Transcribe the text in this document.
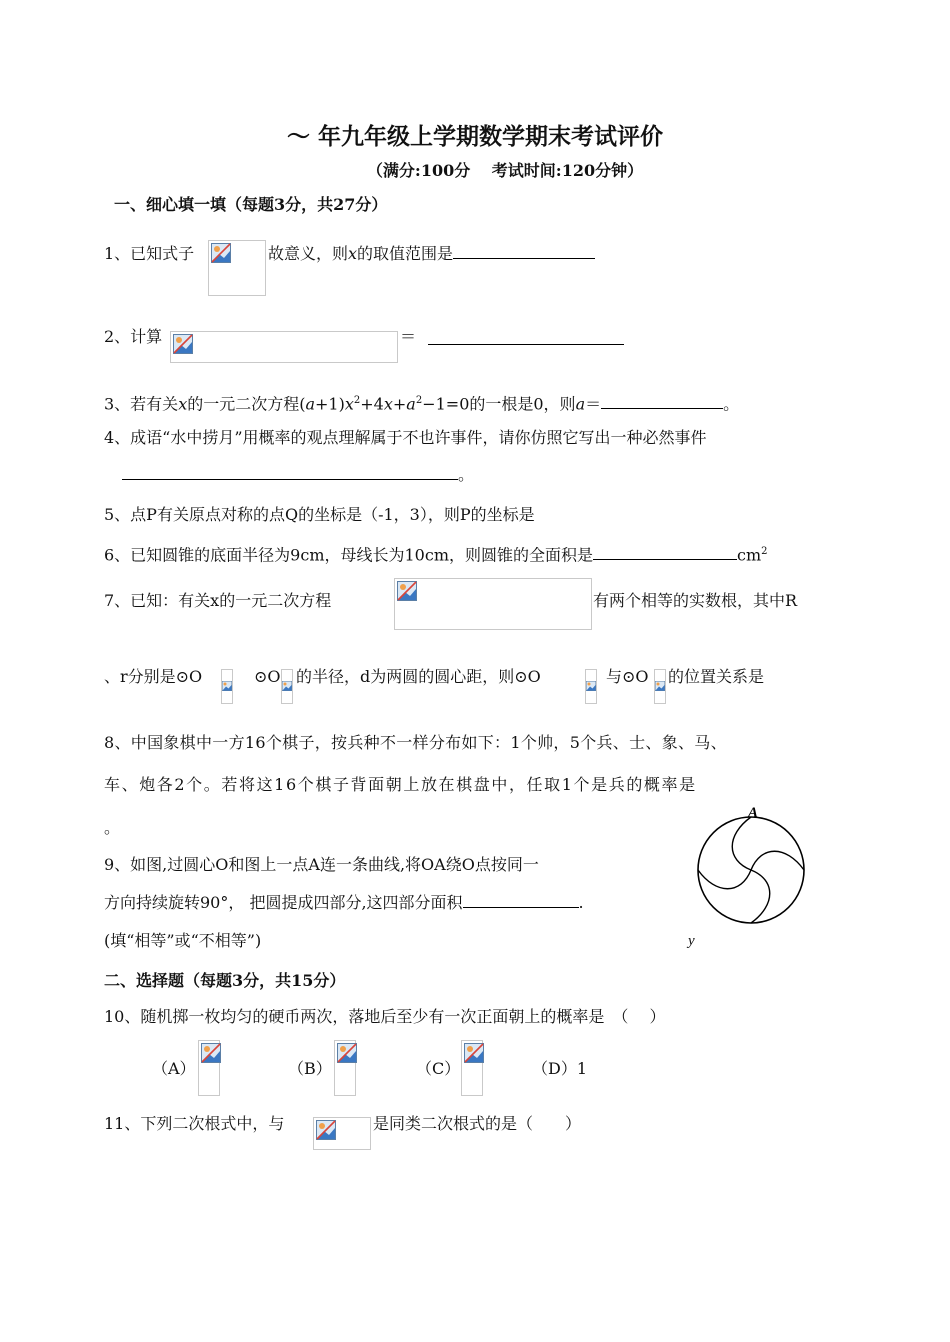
～ 年九年级上学期数学期末考试评价
（满分:100分　 考试时间:120分钟）
一、细心填一填（每题3分，共27分）
1、已知式子	故意义，则x的取值范围是
2、计算	＝
3、若有关x的一元二次方程$(a+1)x^2+4x+a^2-1=0$的一根是0，则a＝	。
4、成语“水中捞月”用概率的观点理解属于不也许事件，请你仿照它写出一种必然事件
。
5、点P有关原点对称的点Q的坐标是（-1，3），则P的坐标是
6、已知圆锥的底面半径为9cm，母线长为10cm，则圆锥的全面积是	$cm^2$
7、已知：有关x的一元二次方程	有两个相等的实数根，其中R
、r分别是⊙O	⊙O 的半径，d为两圆的圆心距，则⊙O	与⊙O 的位置关系是
8、中国象棋中一方16个棋子，按兵种不一样分布如下：1个帅，5个兵、士、象、马、
车、炮各2个。若将这16个棋子背面朝上放在棋盘中，任取1个是兵的概率是
。
9、如图,过圆心O和图上一点A连一条曲线,将OA绕O点按同一
方向持续旋转90°， 把圆提成四部分,这四部分面积	.
(填“相等”或“不相等”)
A
y
二、选择题（每题3分，共15分）
10、随机掷一枚均匀的硬币两次，落地后至少有一次正面朝上的概率是　（　 ）
（A）	（B）	（C）	（D）1
11、下列二次根式中，与	是同类二次根式的是（　　）
